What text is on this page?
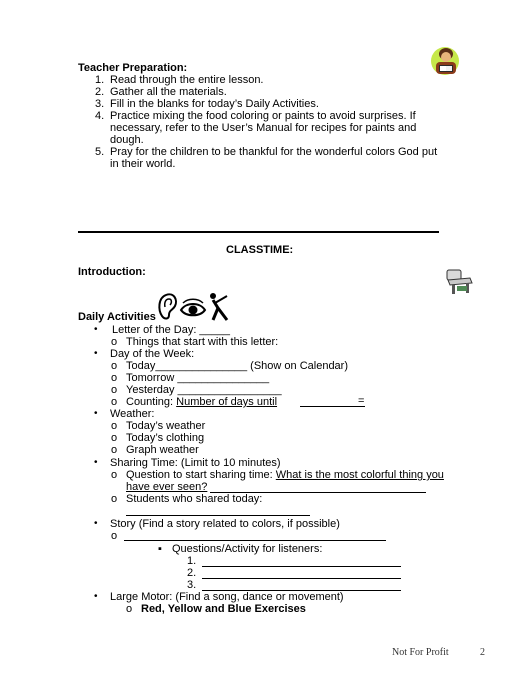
Teacher Preparation:
1. Read through the entire lesson.
2. Gather all the materials.
3. Fill in the blanks for today’s Daily Activities.
4. Practice mixing the food coloring or paints to avoid surprises. If
necessary, refer to the User’s Manual for recipes for paints and
dough.
5. Pray for the children to be thankful for the wonderful colors God put
in their world.
CLASSTIME:
Introduction:
Daily Activities
• Letter of the Day: _____
o Things that start with this letter:
• Day of the Week:
o Today_______________ (Show on Calendar)
o Tomorrow _______________
o Yesterday _________________
o Counting: Number of days until	=
• Weather:
o Today’s weather
o Today’s clothing
o Graph weather
• Sharing Time: (Limit to 10 minutes)
o Question to start sharing time: What is the most colorful thing you
have ever seen?
o Students who shared today:
• Story (Find a story related to colors, if possible)
o
▪ Questions/Activity for listeners:
1.
2.
3.
• Large Motor: (Find a song, dance or movement)
o Red, Yellow and Blue Exercises
Not For Profit	2
